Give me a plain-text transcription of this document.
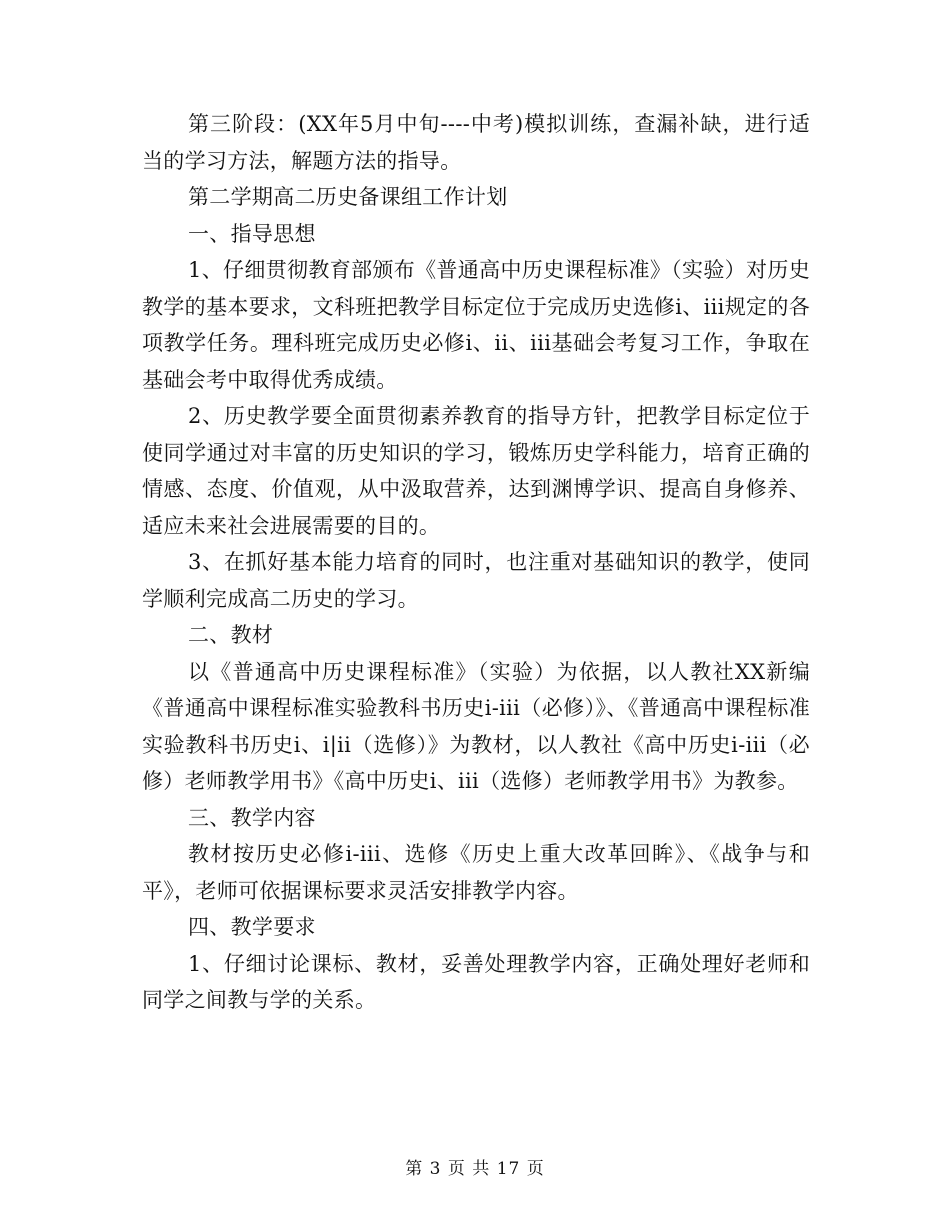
第三阶段：(XX年5月中旬----中考)模拟训练，查漏补缺，进行适当的学习方法，解题方法的指导。

第二学期高二历史备课组工作计划

一、指导思想

1、仔细贯彻教育部颁布《普通高中历史课程标准》（实验）对历史教学的基本要求，文科班把教学目标定位于完成历史选修i、iii规定的各项教学任务。理科班完成历史必修i、ii、iii基础会考复习工作，争取在基础会考中取得优秀成绩。

2、历史教学要全面贯彻素养教育的指导方针，把教学目标定位于使同学通过对丰富的历史知识的学习，锻炼历史学科能力，培育正确的情感、态度、价值观，从中汲取营养，达到渊博学识、提高自身修养、适应未来社会进展需要的目的。

3、在抓好基本能力培育的同时，也注重对基础知识的教学，使同学顺利完成高二历史的学习。

二、教材

以《普通高中历史课程标准》（实验）为依据，以人教社XX新编《普通高中课程标准实验教科书历史i-iii（必修）》、《普通高中课程标准实验教科书历史i、i|ii（选修）》为教材，以人教社《高中历史i-iii（必修）老师教学用书》《高中历史i、iii（选修）老师教学用书》为教参。

三、教学内容

教材按历史必修i-iii、选修《历史上重大改革回眸》、《战争与和平》，老师可依据课标要求灵活安排教学内容。

四、教学要求

1、仔细讨论课标、教材，妥善处理教学内容，正确处理好老师和同学之间教与学的关系。

第 3 页 共 17 页
